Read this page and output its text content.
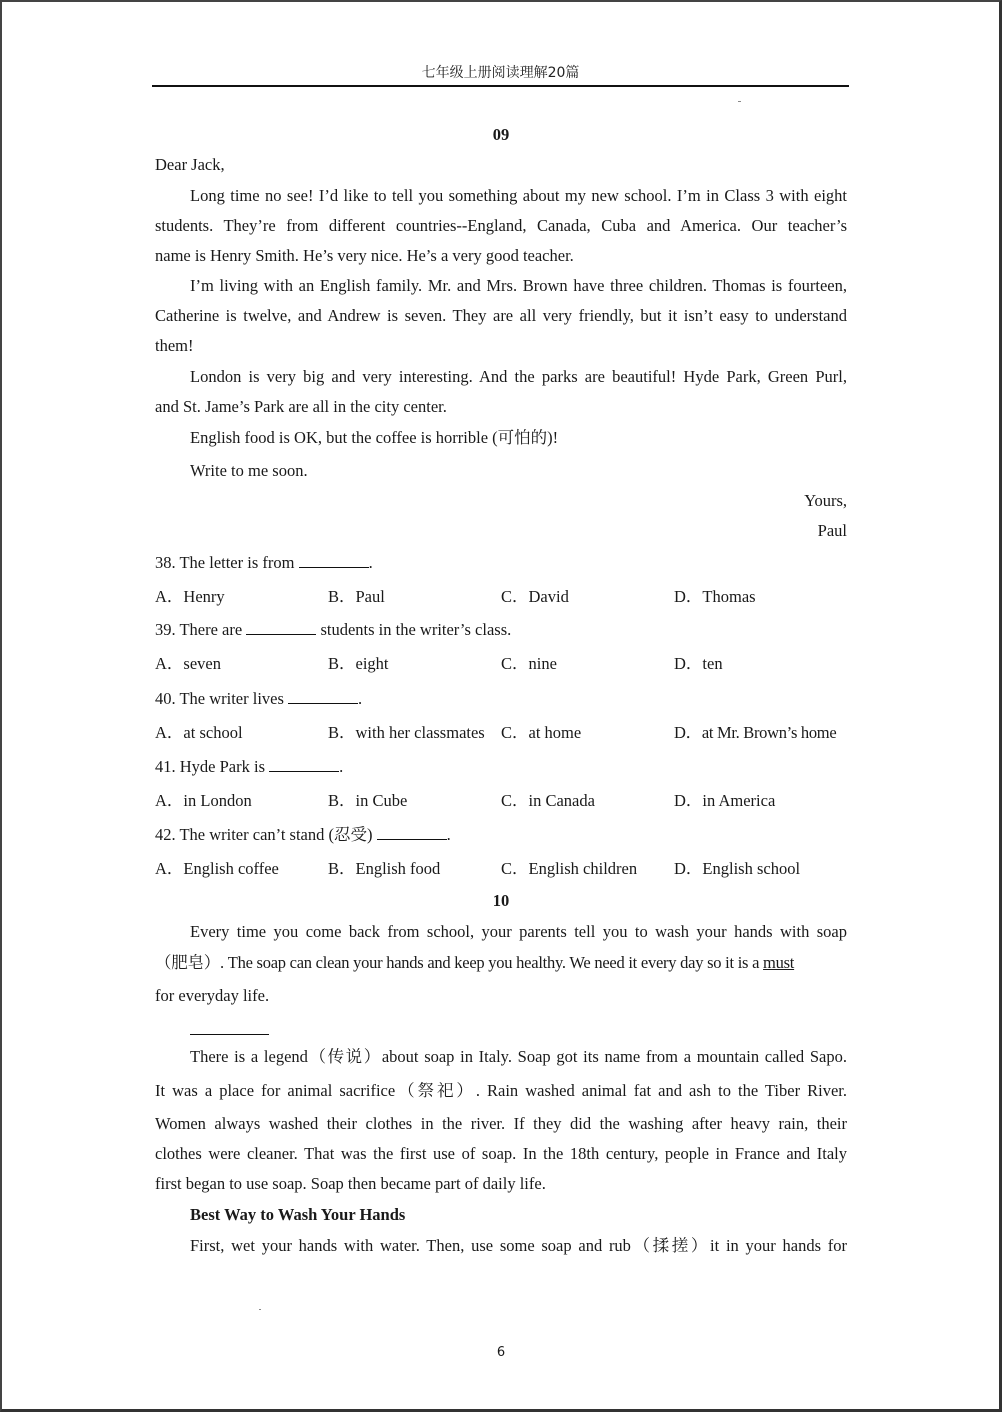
七年级上册阅读理解20篇
09
Dear Jack,
Long time no see! I’d like to tell you something about my new school. I’m in Class 3 with eight
students. They’re from different countries--England, Canada, Cuba and America. Our teacher’s
name is Henry Smith. He’s very nice. He’s a very good teacher.
I’m living with an English family. Mr. and Mrs. Brown have three children. Thomas is fourteen,
Catherine is twelve, and Andrew is seven. They are all very friendly, but it isn’t easy to understand
them!
London is very big and very interesting. And the parks are beautiful! Hyde Park, Green Purl,
and St. Jame’s Park are all in the city center.
English food is OK, but the coffee is horrible (可怕的)!
Write to me soon.
Yours,
Paul
38. The letter is from	.
A．Henry	B．Paul	C．David	D．Thomas
39. There are	students in the writer’s class.
A．seven	B．eight	C．nine	D．ten
40. The writer lives	.
A．at school	B．with her classmates C．at home	D．at Mr. Brown’s home
41. Hyde Park is	.
A．in London	B．in Cube	C．in Canada	D．in America
42. The writer can’t stand (忍受)	.
A．English coffee	B．English food	C．English children D．English school
10
Every time you come back from school, your parents tell you to wash your hands with soap
（肥皂）. The soap can clean your hands and keep you healthy. We need it every day so it is a must
for everyday life.
There is a legend（传说）about soap in Italy. Soap got its name from a mountain called Sapo.
It was a place for animal sacrifice（祭祀）. Rain washed animal fat and ash to the Tiber River.
Women always washed their clothes in the river. If they did the washing after heavy rain, their
clothes were cleaner. That was the first use of soap. In the 18th century, people in France and Italy
first began to use soap. Soap then became part of daily life.
Best Way to Wash Your Hands
First, wet your hands with water. Then, use some soap and rub（揉搓）it in your hands for
6
